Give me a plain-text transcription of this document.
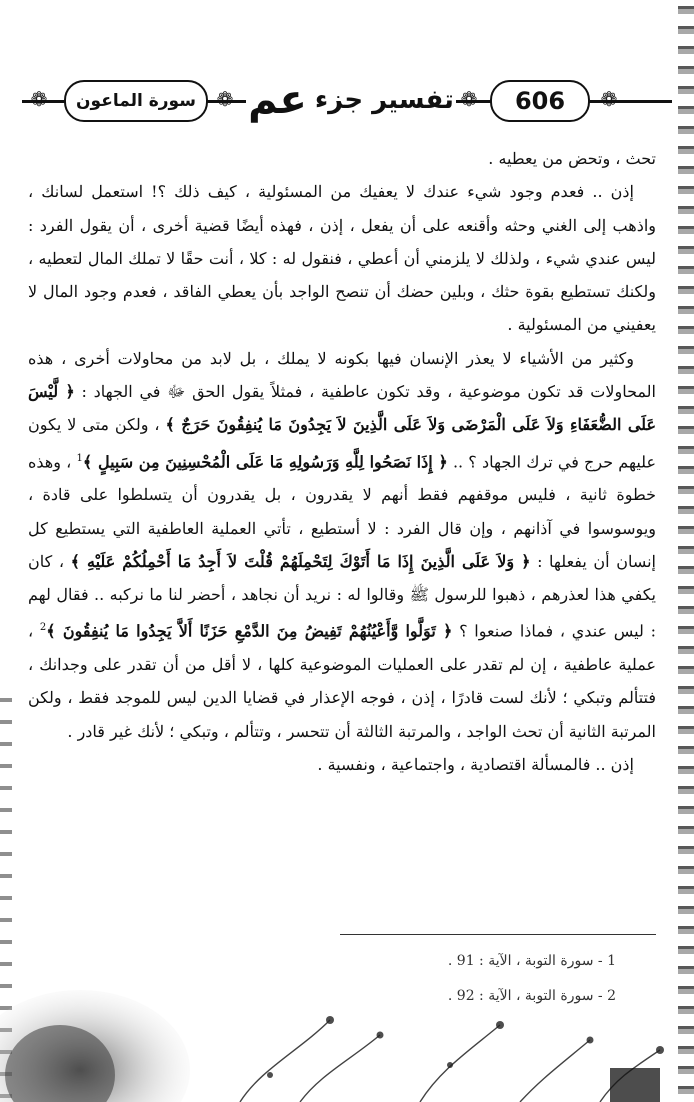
❁	سورة الماعون	❁	تفسير جزء
عم	❁	606	❁

تحث ، وتحض من يعطيه .

إذن .. فعدم وجود شيء عندك لا يعفيك من المسئولية ، كيف ذلك ؟! استعمل لسانك ، واذهب إلى الغني وحثه وأقنعه على أن يفعل ، إذن ، فهذه أيضًا قضية أخرى ، أن يقول الفرد : ليس عندي شيء ، ولذلك لا يلزمني أن أعطي ، فنقول له : كلا ، أنت حقًا لا تملك المال لتعطيه ، ولكنك تستطيع بقوة حثك ، وبلين حضك أن تنصح الواجد بأن يعطي الفاقد ، فعدم وجود المال لا يعفيني من المسئولية .

وكثير من الأشياء لا يعذر الإنسان فيها بكونه لا يملك ، بل لابد من محاولات أخرى ، هذه المحاولات قد تكون موضوعية ، وقد تكون عاطفية ، فمثلاً يقول الحق ﷻ في الجهاد : ﴿ لَّيْسَ عَلَى الضُّعَفَاءِ وَلاَ عَلَى الْمَرْضَى وَلاَ عَلَى الَّذِينَ لاَ يَجِدُونَ مَا يُنفِقُونَ حَرَجٌ ﴾ ، ولكن متى لا يكون عليهم حرج في ترك الجهاد ؟ .. ﴿ إِذَا نَصَحُوا لِلَّهِ وَرَسُولِهِ مَا عَلَى الْمُحْسِنِينَ مِن سَبِيلٍ ﴾$^1$ ، وهذه خطوة ثانية ، فليس موقفهم فقط أنهم لا يقدرون ، بل يقدرون أن يتسلطوا على قادة ، ويوسوسوا في آذانهم ، وإن قال الفرد : لا أستطيع ، تأتي العملية العاطفية التي يستطيع كل إنسان أن يفعلها : ﴿ وَلاَ عَلَى الَّذِينَ إِذَا مَا أَتَوْكَ لِتَحْمِلَهُمْ قُلْتَ لاَ أَجِدُ مَا أَحْمِلُكُمْ عَلَيْهِ ﴾ ، كان يكفي هذا لعذرهم ، ذهبوا للرسول ﷺ وقالوا له : نريد أن نجاهد ، أحضر لنا ما نركبه .. فقال لهم : ليس عندي ، فماذا صنعوا ؟ ﴿ تَوَلَّوا وَّأَعْيُنُهُمْ تَفِيضُ مِنَ الدَّمْعِ حَزَنًا أَلاَّ يَجِدُوا مَا يُنفِقُونَ ﴾$^2$ ، عملية عاطفية ، إن لم تقدر على العمليات الموضوعية كلها ، لا أقل من أن تقدر على وجدانك ، فتتألم وتبكي ؛ لأنك لست قادرًا ، إذن ، فوجه الإعذار في قضايا الدين ليس للموجد فقط ، ولكن المرتبة الثانية أن تحث الواجد ، والمرتبة الثالثة أن تتحسر ، وتتألم ، وتبكي ؛ لأنك غير قادر .

إذن .. فالمسألة اقتصادية ، واجتماعية ، ونفسية .

1 - سورة التوبة ، الآية : 91 .
2 - سورة التوبة ، الآية : 92 .
